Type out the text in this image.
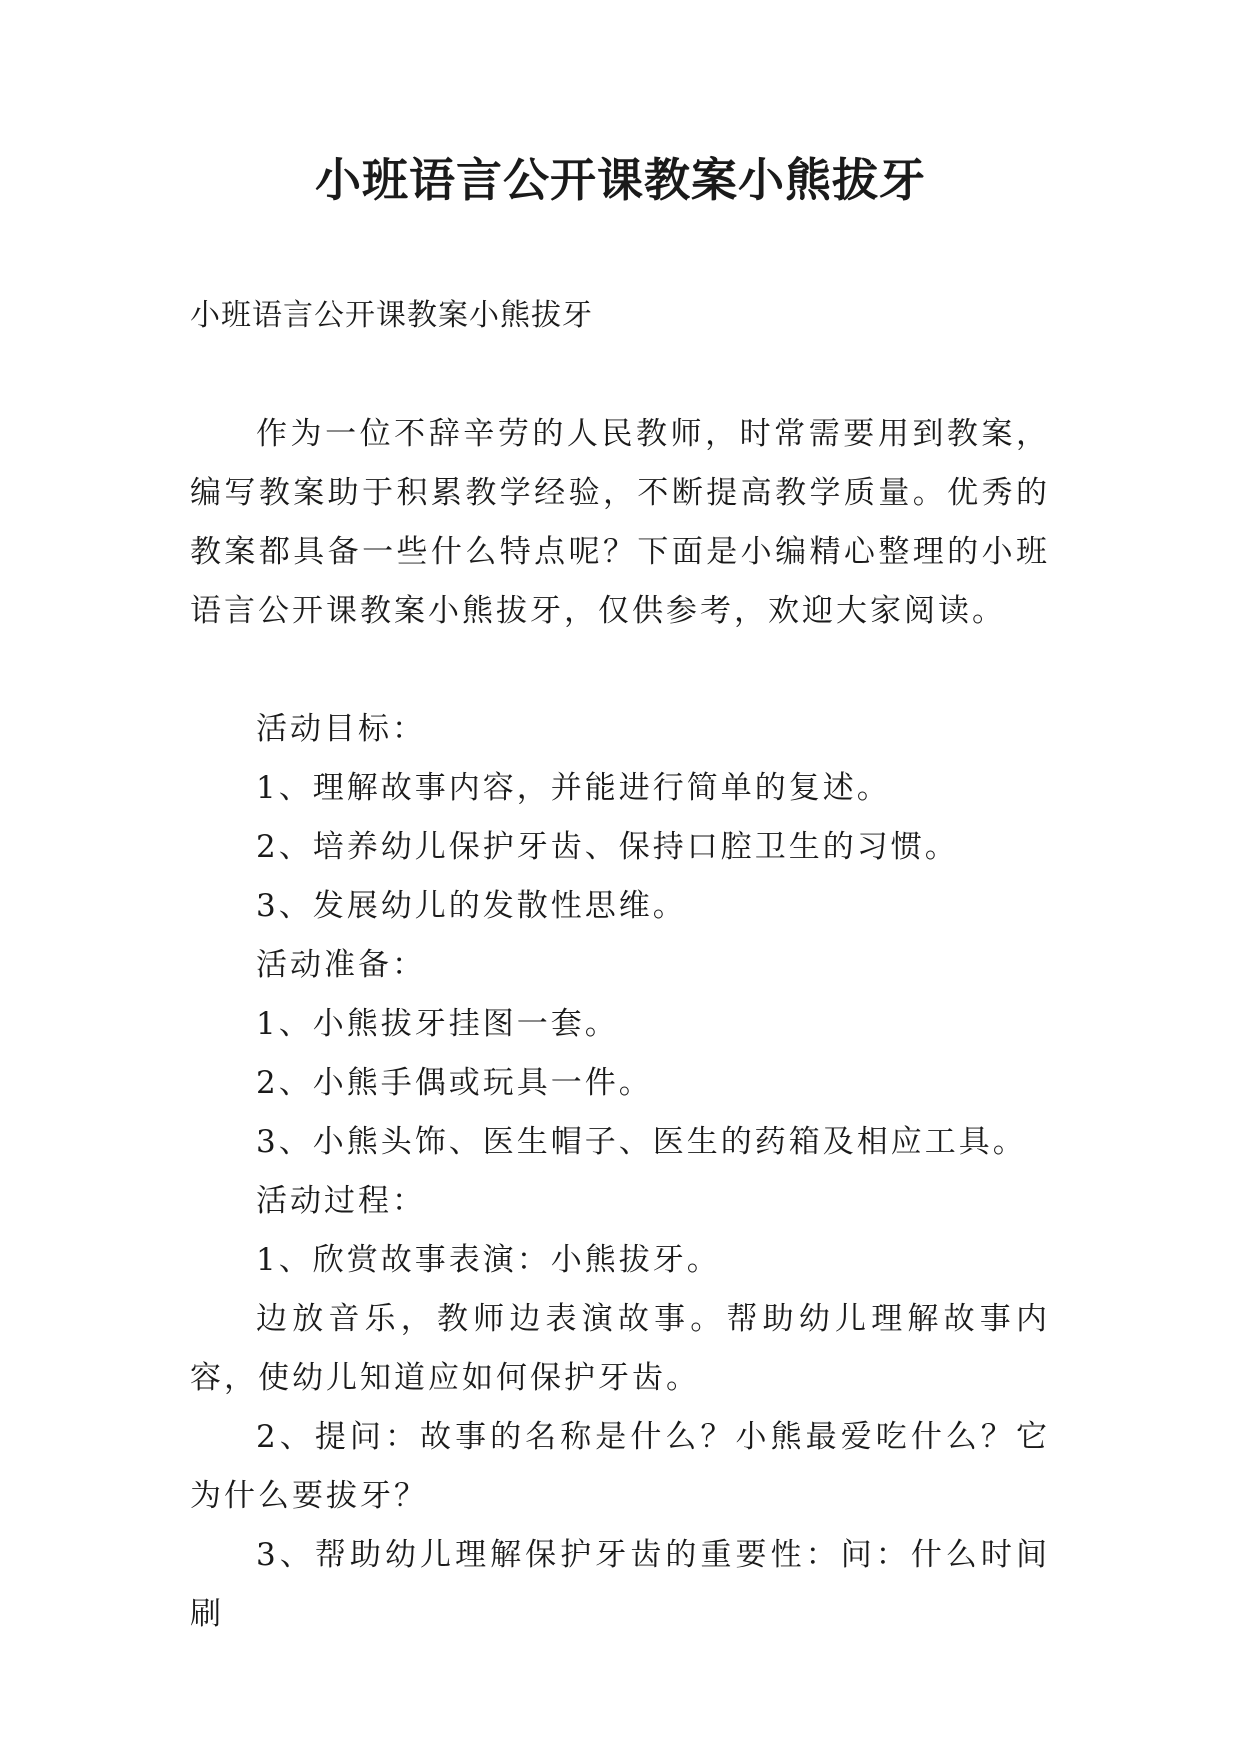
小班语言公开课教案小熊拔牙

小班语言公开课教案小熊拔牙

作为一位不辞辛劳的人民教师，时常需要用到教案，编写教案助于积累教学经验，不断提高教学质量。优秀的教案都具备一些什么特点呢？下面是小编精心整理的小班语言公开课教案小熊拔牙，仅供参考，欢迎大家阅读。

活动目标：

1、理解故事内容，并能进行简单的复述。

2、培养幼儿保护牙齿、保持口腔卫生的习惯。

3、发展幼儿的发散性思维。

活动准备：

1、小熊拔牙挂图一套。

2、小熊手偶或玩具一件。

3、小熊头饰、医生帽子、医生的药箱及相应工具。

活动过程：

1、欣赏故事表演：小熊拔牙。

边放音乐，教师边表演故事。帮助幼儿理解故事内容，使幼儿知道应如何保护牙齿。

2、提问：故事的名称是什么？小熊最爱吃什么？它为什么要拔牙？

3、帮助幼儿理解保护牙齿的重要性：问：什么时间刷
